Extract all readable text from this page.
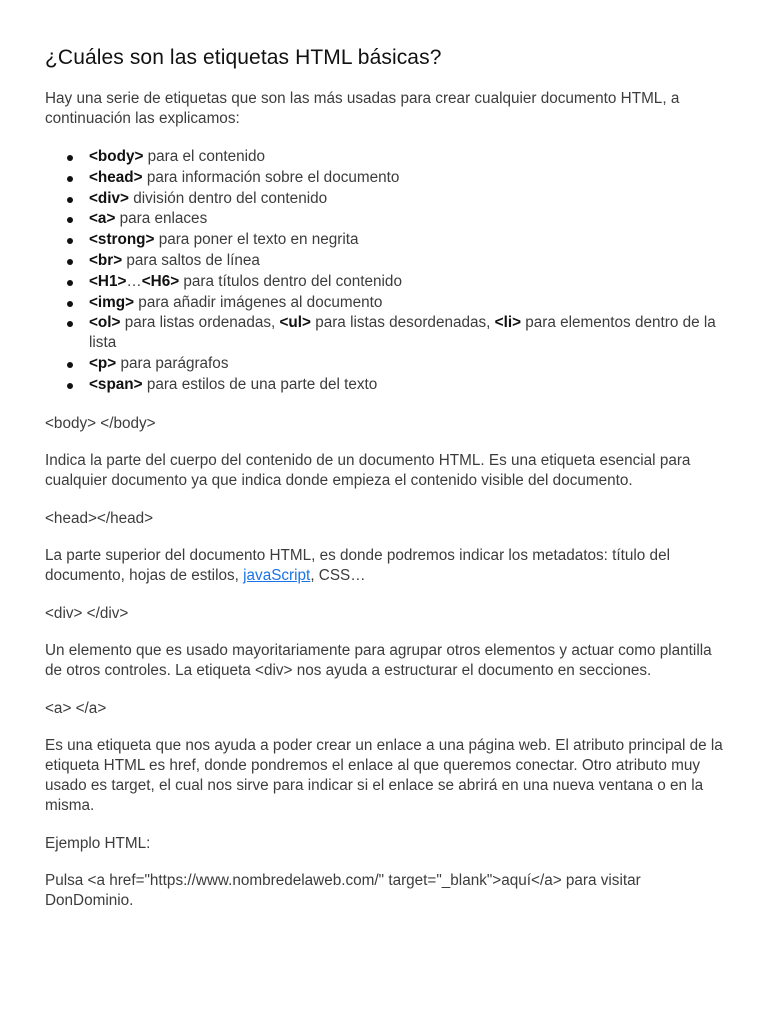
¿Cuáles son las etiquetas HTML básicas?

Hay una serie de etiquetas que son las más usadas para crear cualquier documento HTML, a continuación las explicamos:

<body> para el contenido
<head> para información sobre el documento
<div> división dentro del contenido
<a> para enlaces
<strong> para poner el texto en negrita
<br> para saltos de línea
<H1>…<H6> para títulos dentro del contenido
<img> para añadir imágenes al documento
<ol> para listas ordenadas, <ul> para listas desordenadas, <li> para elementos dentro de la lista
<p> para parágrafos
<span> para estilos de una parte del texto

<body> </body>

Indica la parte del cuerpo del contenido de un documento HTML. Es una etiqueta esencial para cualquier documento ya que indica donde empieza el contenido visible del documento.

<head></head>

La parte superior del documento HTML, es donde podremos indicar los metadatos: título del documento, hojas de estilos, javaScript, CSS…

<div> </div>

Un elemento que es usado mayoritariamente para agrupar otros elementos y actuar como plantilla de otros controles. La etiqueta <div> nos ayuda a estructurar el documento en secciones.

<a> </a>

Es una etiqueta que nos ayuda a poder crear un enlace a una página web. El atributo principal de la etiqueta HTML es href, donde pondremos el enlace al que queremos conectar. Otro atributo muy usado es target, el cual nos sirve para indicar si el enlace se abrirá en una nueva ventana o en la misma.

Ejemplo HTML:

Pulsa <a href="https://www.nombredelaweb.com/" target="_blank">aquí</a> para visitar DonDominio.
